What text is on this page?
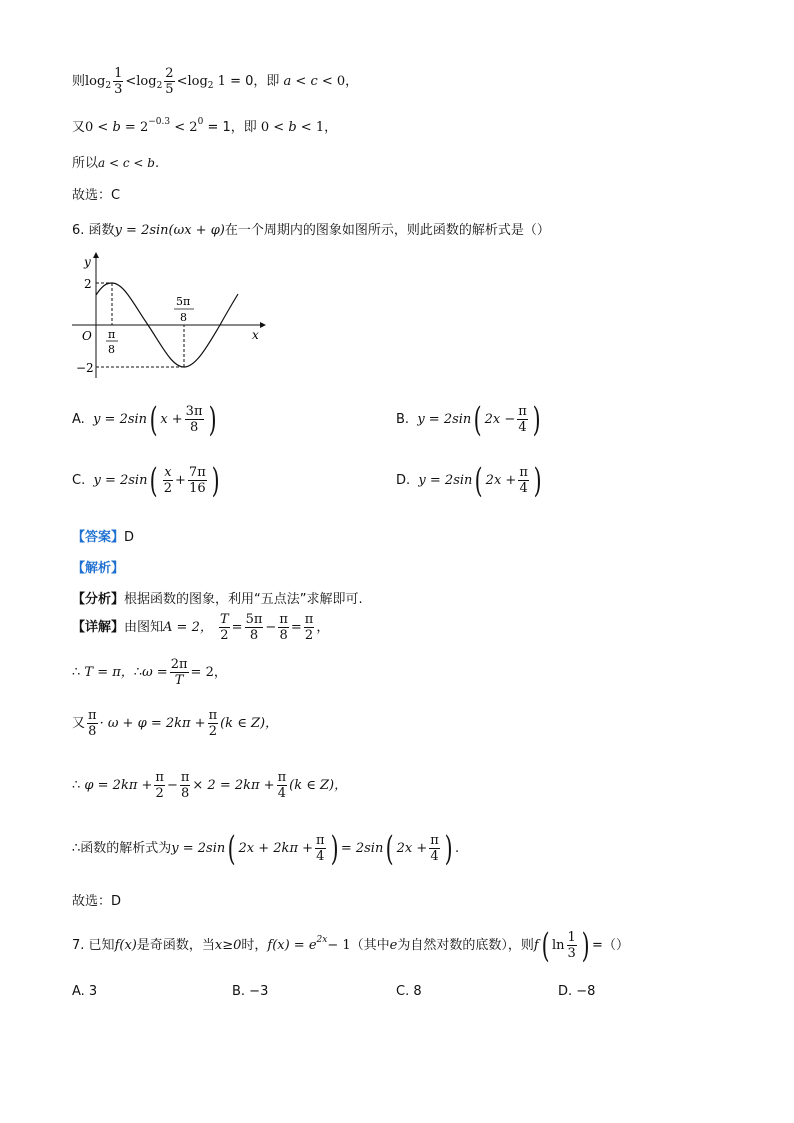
则$\log_2 \frac{1}{3} <\log_2 \frac{2}{5} <\log_2$ 1 = 0，即 a < c < 0，
又$0 < b = 2^{-0.3} < 2^0 = 1$，即 0 < b < 1，
所以a < c < b.
故选：C
6. 函数y = 2sin(ωx + φ)在一个周期内的图象如图所示，则此函数的解析式是（）
y
x
O
2
−2
π
8
5π
8
A. y = 2sin( $x + \frac{3\pi}{8}$ )	B. y = 2sin( $2x - \frac{\pi}{4}$ )
C. $y = 2\sin( \frac{x}{2} + \frac{7\pi}{16}$ )	D. y = 2sin( $2x + \frac{\pi}{4}$ )
【答案】D
【解析】
【分析】根据函数的图象，利用“五点法”求解即可.
【详解】由图知A = 2， $\frac{T}{2} = \frac{5\pi}{8} - \frac{\pi}{8} = \frac{\pi}{2}$ ，
∴ T = π，∴ω = $\frac{2\pi}{T} = 2$，
又 $\frac{\pi}{8} \cdot \omega + \varphi = 2k\pi + \frac{\pi}{2} (k$ ∈ Z)，
∴ $\varphi = 2k\pi + \frac{\pi}{2} - \frac{\pi}{8} \times 2 = 2k\pi + \frac{\pi}{4} (k$ ∈ Z)，
∴函数的解析式为y = 2sin( $2x + 2k\pi + \frac{\pi}{4}$ ) = 2sin( $2x + \frac{\pi}{4}$ ) .
故选：D
7. 已知f(x)是奇函数，当x≥0时，$f(x) = e^{2x}- 1$（其中e为自然对数的底数），则f( $\ln \frac{1}{3}$ ) =（）
A. 3	B. −3	C. 8	D. −8
